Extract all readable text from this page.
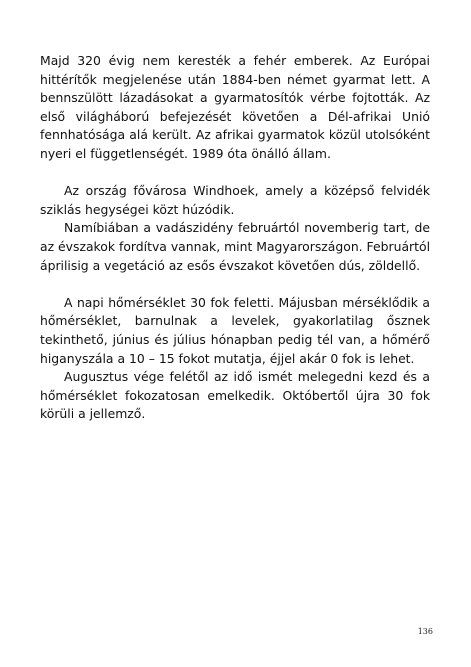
Majd 320 évig nem keresték a fehér emberek. Az Európai hittérítők megjelenése után 1884-ben német gyarmat lett. A bennszülött lázadásokat a gyarmatosítók vérbe fojtották. Az első világháború befejezését követően a Dél-afrikai Unió fennhatósága alá került. Az afrikai gyarmatok közül utolsóként nyeri el függetlenségét. 1989 óta önálló állam.

Az ország fővárosa Windhoek, amely a középső felvidék sziklás hegységei közt húzódik.

Namíbiában a vadászidény februártól novemberig tart, de az évszakok fordítva vannak, mint Magyarországon. Februártól áprilisig a vegetáció az esős évszakot követően dús, zöldellő.

A napi hőmérséklet 30 fok feletti. Májusban mérséklődik a hőmérséklet, barnulnak a levelek, gyakorlatilag ősznek tekinthető, június és július hónapban pedig tél van, a hőmérő higanyszála a 10 – 15 fokot mutatja, éjjel akár 0 fok is lehet.

Augusztus vége felétől az idő ismét melegedni kezd és a hőmérséklet fokozatosan emelkedik. Októbertől újra 30 fok körüli a jellemző.

136
